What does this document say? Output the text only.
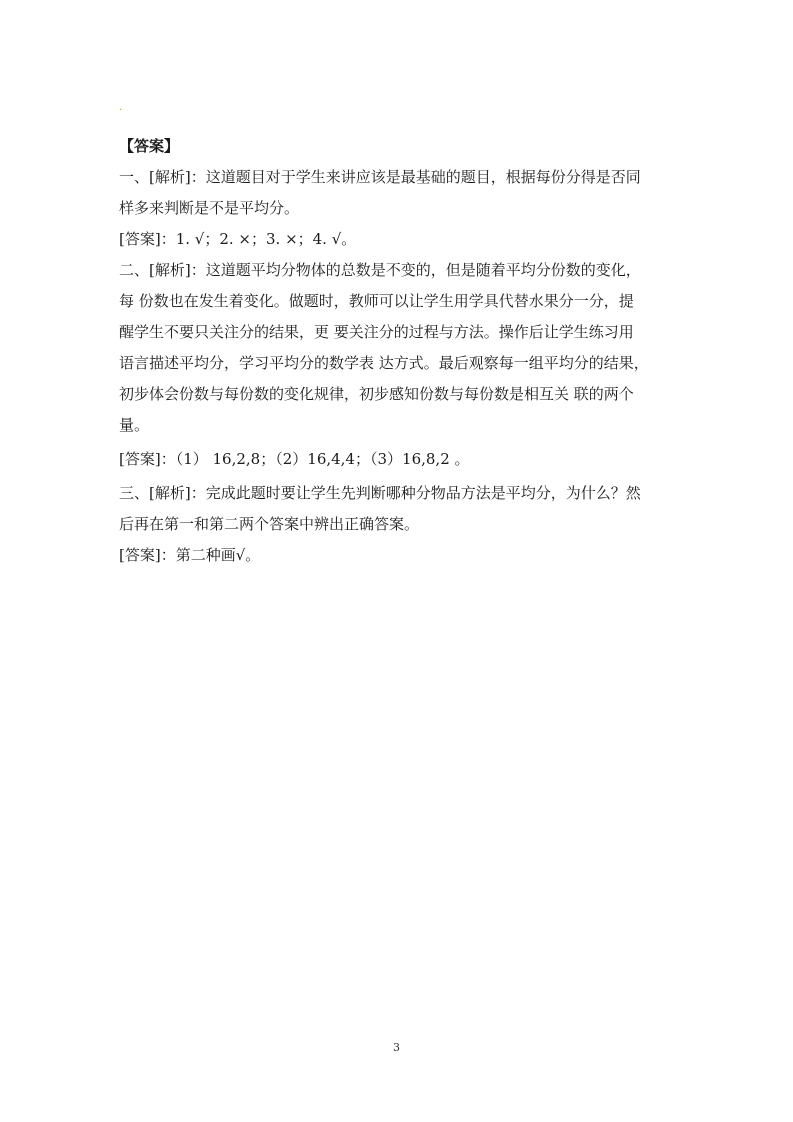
·
【答案】
一、[解析]：这道题目对于学生来讲应该是最基础的题目，根据每份分得是否同
样多来判断是不是平均分。
[答案]：1. √；2. ×；3. ×；4. √。
二、[解析]：这道题平均分物体的总数是不变的，但是随着平均分份数的变化，
每 份数也在发生着变化。做题时，教师可以让学生用学具代替水果分一分，提
醒学生不要只关注分的结果，更 要关注分的过程与方法。操作后让学生练习用
语言描述平均分，学习平均分的数学表 达方式。最后观察每一组平均分的结果，
初步体会份数与每份数的变化规律，初步感知份数与每份数是相互关 联的两个
量。
[答案]：（1） 16,2,8；（2）16,4,4；（3）16,8,2 。
三、[解析]：完成此题时要让学生先判断哪种分物品方法是平均分，为什么？然
后再在第一和第二两个答案中辨出正确答案。
[答案]：第二种画√。
3
